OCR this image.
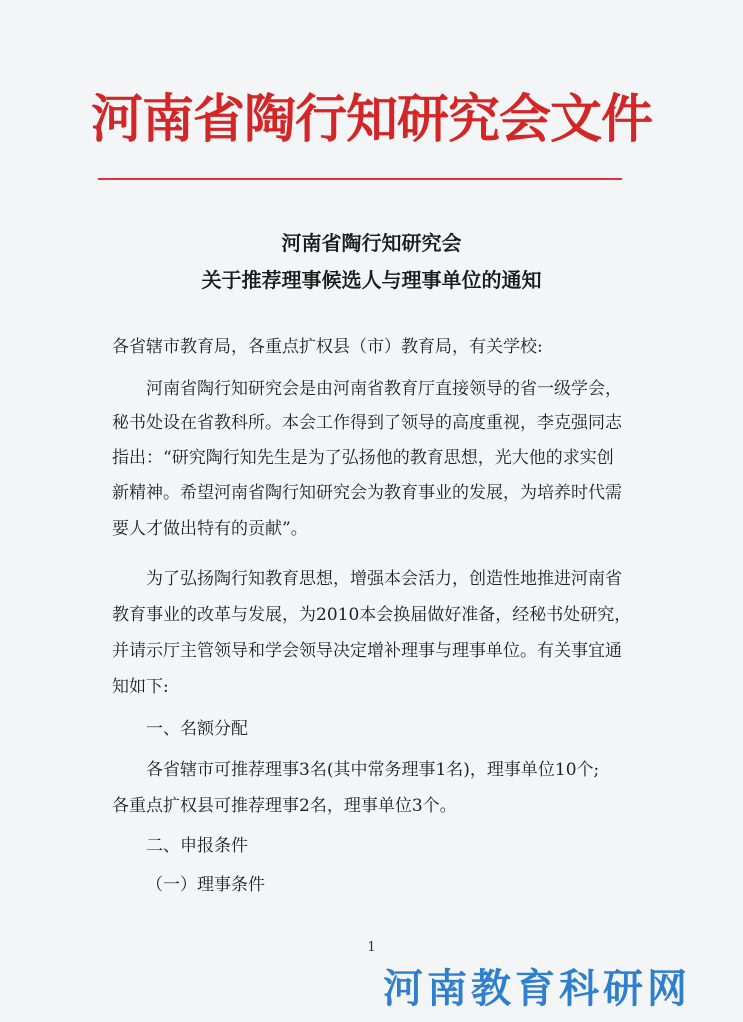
河南省陶行知研究会文件
河南省陶行知研究会
关于推荐理事候选人与理事单位的通知
各省辖市教育局，各重点扩权县（市）教育局，有关学校:
河南省陶行知研究会是由河南省教育厅直接领导的省一级学会，
秘书处设在省教科所。本会工作得到了领导的高度重视，李克强同志
指出：“研究陶行知先生是为了弘扬他的教育思想，光大他的求实创
新精神。希望河南省陶行知研究会为教育事业的发展，为培养时代需
要人才做出特有的贡献”。
为了弘扬陶行知教育思想，增强本会活力，创造性地推进河南省
教育事业的改革与发展，为2010本会换届做好准备，经秘书处研究，
并请示厅主管领导和学会领导决定增补理事与理事单位。有关事宜通
知如下:
一、名额分配
各省辖市可推荐理事3名(其中常务理事1名)，理事单位10个;
各重点扩权县可推荐理事2名，理事单位3个。
二、申报条件
（一）理事条件
1
河南教育科研网
